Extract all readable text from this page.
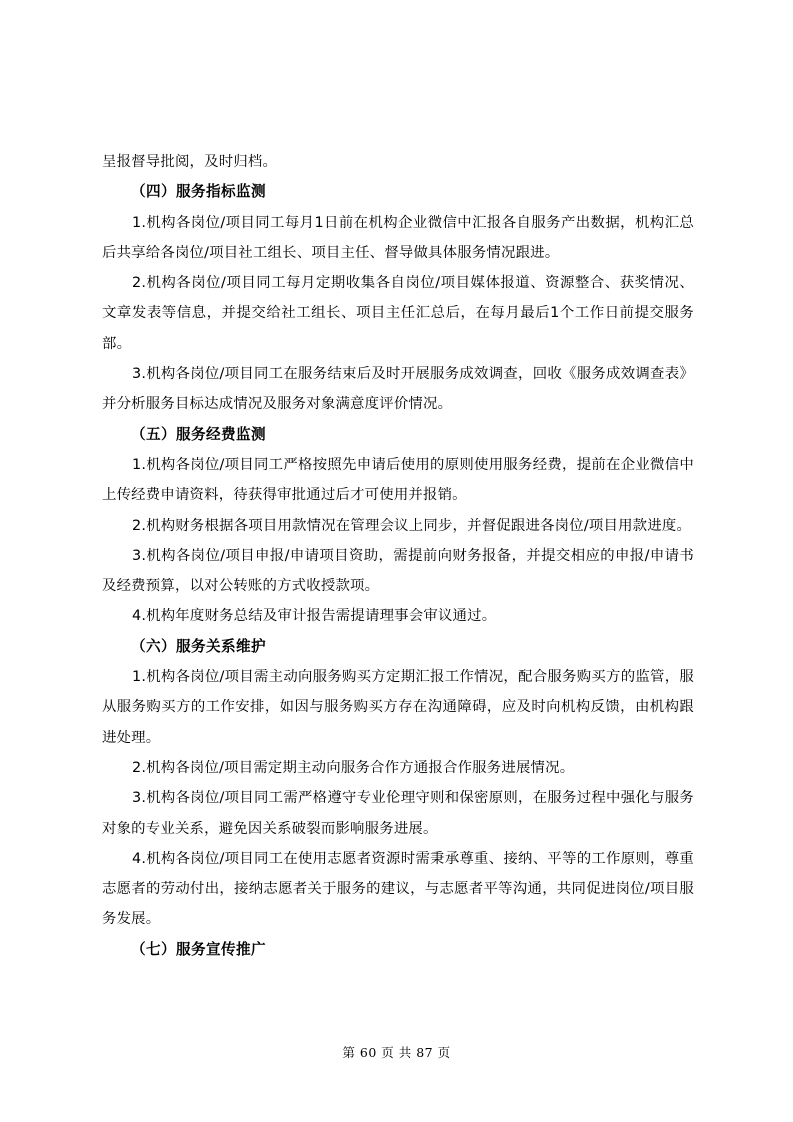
呈报督导批阅，及时归档。

（四）服务指标监测

1.机构各岗位/项目同工每月1日前在机构企业微信中汇报各自服务产出数据，机构汇总后共享给各岗位/项目社工组长、项目主任、督导做具体服务情况跟进。

2.机构各岗位/项目同工每月定期收集各自岗位/项目媒体报道、资源整合、获奖情况、文章发表等信息，并提交给社工组长、项目主任汇总后，在每月最后1个工作日前提交服务部。

3.机构各岗位/项目同工在服务结束后及时开展服务成效调查，回收《服务成效调查表》并分析服务目标达成情况及服务对象满意度评价情况。

（五）服务经费监测

1.机构各岗位/项目同工严格按照先申请后使用的原则使用服务经费，提前在企业微信中上传经费申请资料，待获得审批通过后才可使用并报销。

2.机构财务根据各项目用款情况在管理会议上同步，并督促跟进各岗位/项目用款进度。

3.机构各岗位/项目申报/申请项目资助，需提前向财务报备，并提交相应的申报/申请书及经费预算，以对公转账的方式收授款项。

4.机构年度财务总结及审计报告需提请理事会审议通过。

（六）服务关系维护

1.机构各岗位/项目需主动向服务购买方定期汇报工作情况，配合服务购买方的监管，服从服务购买方的工作安排，如因与服务购买方存在沟通障碍，应及时向机构反馈，由机构跟进处理。

2.机构各岗位/项目需定期主动向服务合作方通报合作服务进展情况。

3.机构各岗位/项目同工需严格遵守专业伦理守则和保密原则，在服务过程中强化与服务对象的专业关系，避免因关系破裂而影响服务进展。

4.机构各岗位/项目同工在使用志愿者资源时需秉承尊重、接纳、平等的工作原则，尊重志愿者的劳动付出，接纳志愿者关于服务的建议，与志愿者平等沟通，共同促进岗位/项目服务发展。

（七）服务宣传推广
第 60 页 共 87 页
